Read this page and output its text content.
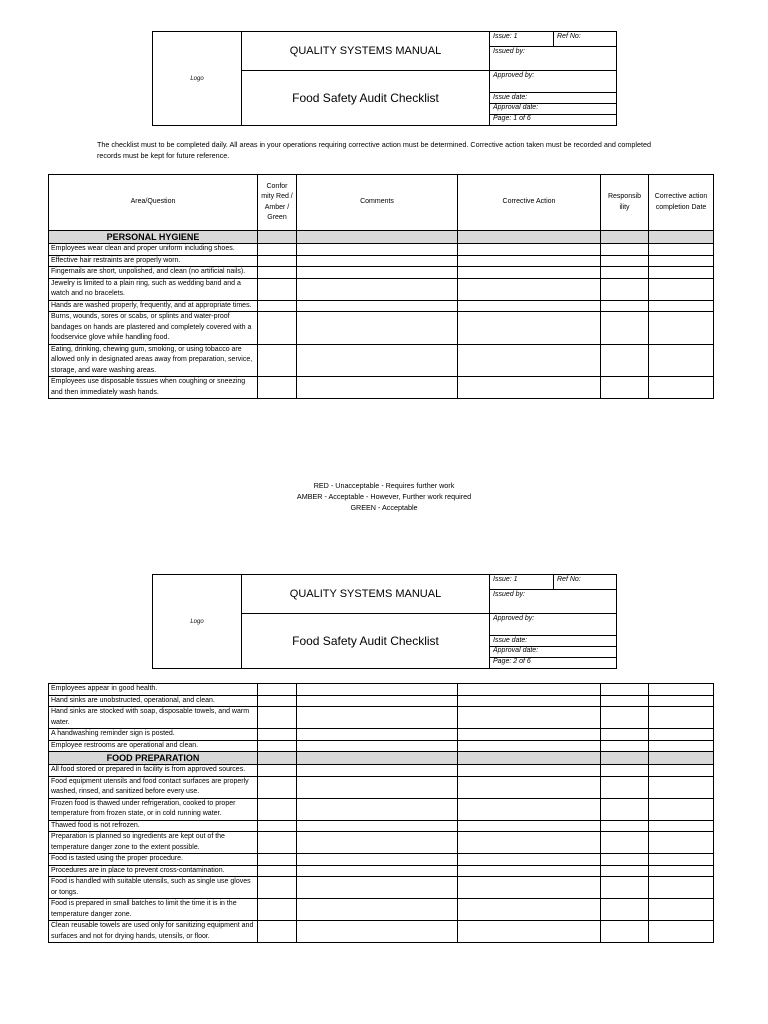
Logo	QUALITY SYSTEMS MANUAL	Issue: 1	Ref No:
		Issued by:	

	Food Safety Audit Checklist	Approved by:	
		Issue date:	

		Approval date:
Page: 1 of 6	
The checklist must to be completed daily. All areas in your operations requiring corrective action must be determined. Corrective action taken must be recorded and completed records must be kept for future reference.
Area/Question	Confor mity Red / Amber / Green	Comments	Corrective Action	Responsib ility	Corrective action completion Date
PERSONAL HYGIENE					
Employees wear clean and proper uniform including shoes.					
Effective hair restraints are properly worn.					
Fingernails are short, unpolished, and clean (no artificial nails).					
Jewelry is limited to a plain ring, such as wedding band and a watch and no bracelets.					
Hands are washed properly, frequently, and at appropriate times.					
Burns, wounds, sores or scabs, or splints and water-proof bandages on hands are plastered and completely covered with a foodservice glove while handling food.					
Eating, drinking, chewing gum, smoking, or using tobacco are allowed only in designated areas away from preparation, service, storage, and ware washing areas.					
Employees use disposable tissues when coughing or sneezing and then immediately wash hands.					
RED - Unacceptable - Requires further work
AMBER - Acceptable - However, Further work required
GREEN - Acceptable
Logo	QUALITY SYSTEMS MANUAL	Issue: 1	Ref No:
		Issued by:	

	Food Safety Audit Checklist	Approved by:	
		Issue date:	

		Approval date:
Page: 2 of 6	
Employees appear in good health.					
Hand sinks are unobstructed, operational, and clean.					
Hand sinks are stocked with soap, disposable towels, and warm water.					
A handwashing reminder sign is posted.					
Employee restrooms are operational and clean.					
FOOD PREPARATION					
All food stored or prepared in facility is from approved sources.					
Food equipment utensils and food contact surfaces are properly washed, rinsed, and sanitized before every use.					
Frozen food is thawed under refrigeration, cooked to proper temperature from frozen state, or in cold running water.					
Thawed food is not refrozen.					
Preparation is planned so ingredients are kept out of the temperature danger zone to the extent possible.					
Food is tasted using the proper procedure.					
Procedures are in place to prevent cross-contamination.					
Food is handled with suitable utensils, such as single use gloves or tongs.					
Food is prepared in small batches to limit the time it is in the temperature danger zone.					
Clean reusable towels are used only for sanitizing equipment and surfaces and not for drying hands, utensils, or floor.					
